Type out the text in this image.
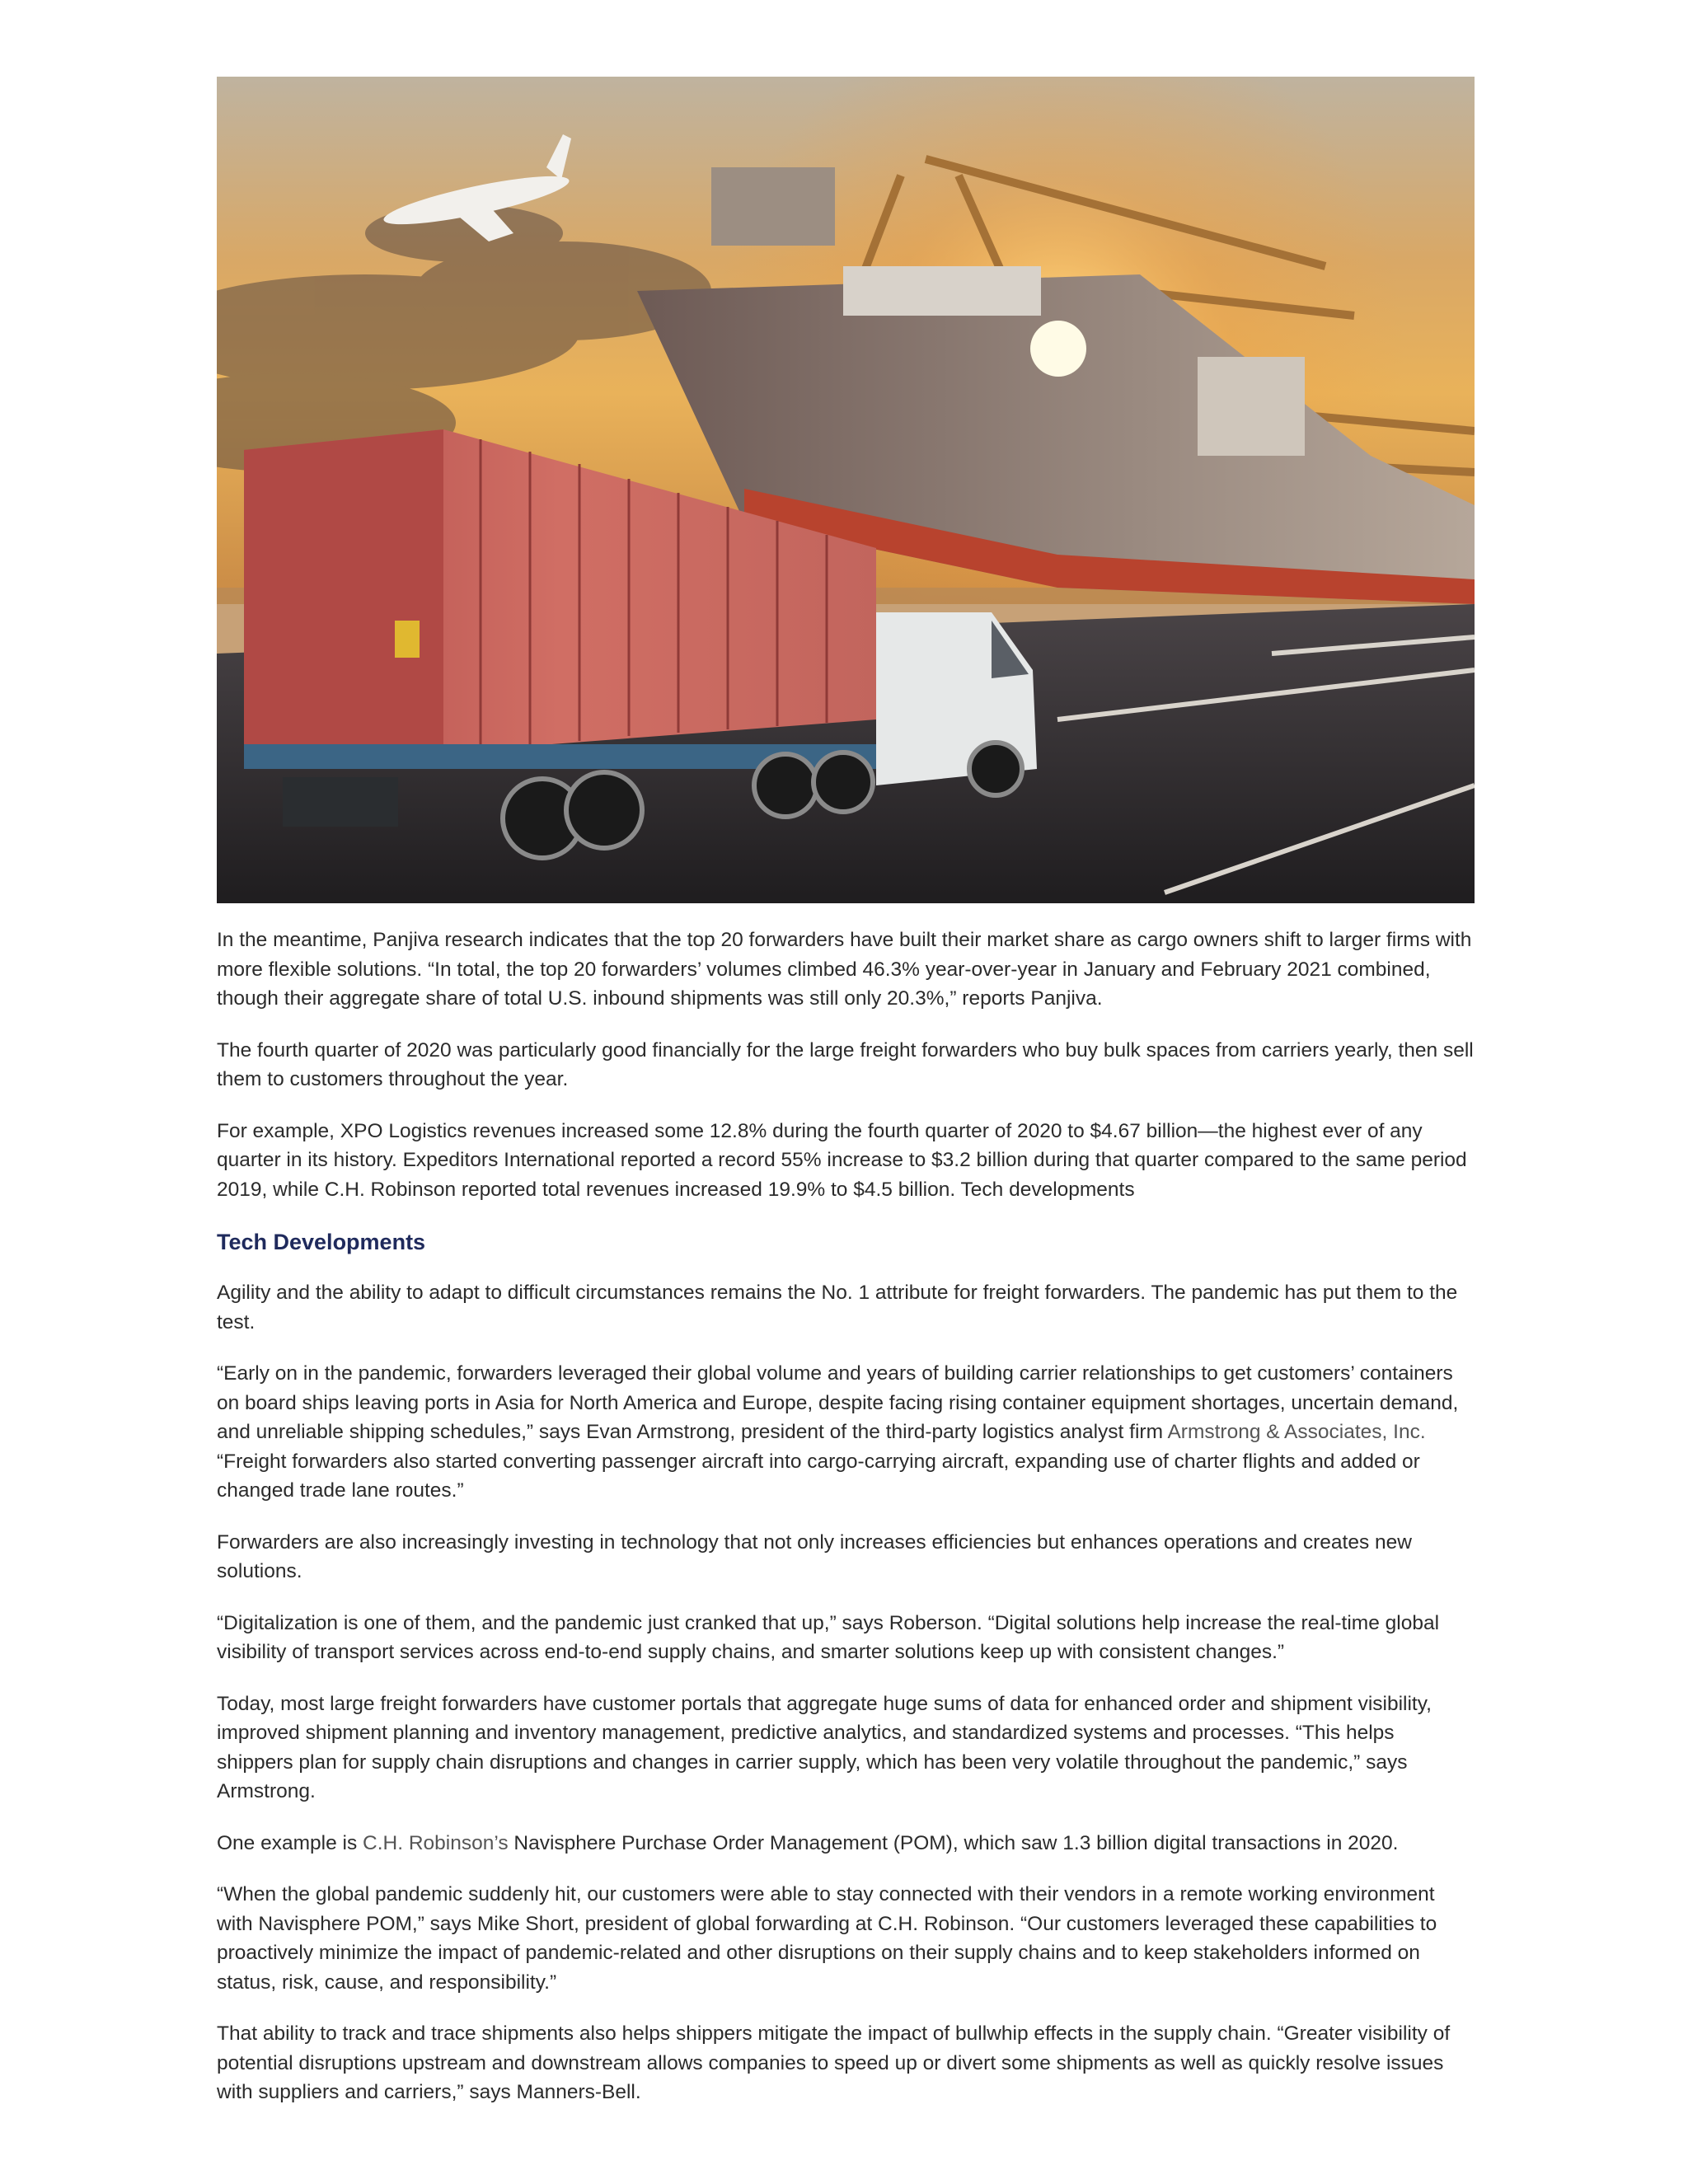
In the meantime, Panjiva research indicates that the top 20 forwarders have built their market share as cargo owners shift to larger firms with more flexible solutions. “In total, the top 20 forwarders’ volumes climbed 46.3% year-over-year in January and February 2021 combined, though their aggregate share of total U.S. inbound shipments was still only 20.3%,” reports Panjiva.

The fourth quarter of 2020 was particularly good financially for the large freight forwarders who buy bulk spaces from carriers yearly, then sell them to customers throughout the year.

For example, XPO Logistics revenues increased some 12.8% during the fourth quarter of 2020 to $4.67 billion—the highest ever of any quarter in its history. Expeditors International reported a record 55% increase to $3.2 billion during that quarter compared to the same period 2019, while C.H. Robinson reported total revenues increased 19.9% to $4.5 billion. Tech developments

Tech Developments

Agility and the ability to adapt to difficult circumstances remains the No. 1 attribute for freight forwarders. The pandemic has put them to the test.

“Early on in the pandemic, forwarders leveraged their global volume and years of building carrier relationships to get customers’ containers on board ships leaving ports in Asia for North America and Europe, despite facing rising container equipment shortages, uncertain demand, and unreliable shipping schedules,” says Evan Armstrong, president of the third-party logistics analyst firm Armstrong & Associates, Inc. “Freight forwarders also started converting passenger aircraft into cargo-carrying aircraft, expanding use of charter flights and added or changed trade lane routes.”

Forwarders are also increasingly investing in technology that not only increases efficiencies but enhances operations and creates new solutions.

“Digitalization is one of them, and the pandemic just cranked that up,” says Roberson. “Digital solutions help increase the real-time global visibility of transport services across end-to-end supply chains, and smarter solutions keep up with consistent changes.”

Today, most large freight forwarders have customer portals that aggregate huge sums of data for enhanced order and shipment visibility, improved shipment planning and inventory management, predictive analytics, and standardized systems and processes. “This helps shippers plan for supply chain disruptions and changes in carrier supply, which has been very volatile throughout the pandemic,” says Armstrong.

One example is C.H. Robinson’s Navisphere Purchase Order Management (POM), which saw 1.3 billion digital transactions in 2020.

“When the global pandemic suddenly hit, our customers were able to stay connected with their vendors in a remote working environment with Navisphere POM,” says Mike Short, president of global forwarding at C.H. Robinson. “Our customers leveraged these capabilities to proactively minimize the impact of pandemic-related and other disruptions on their supply chains and to keep stakeholders informed on status, risk, cause, and responsibility.”

That ability to track and trace shipments also helps shippers mitigate the impact of bullwhip effects in the supply chain. “Greater visibility of potential disruptions upstream and downstream allows companies to speed up or divert some shipments as well as quickly resolve issues with suppliers and carriers,” says Manners-Bell.
